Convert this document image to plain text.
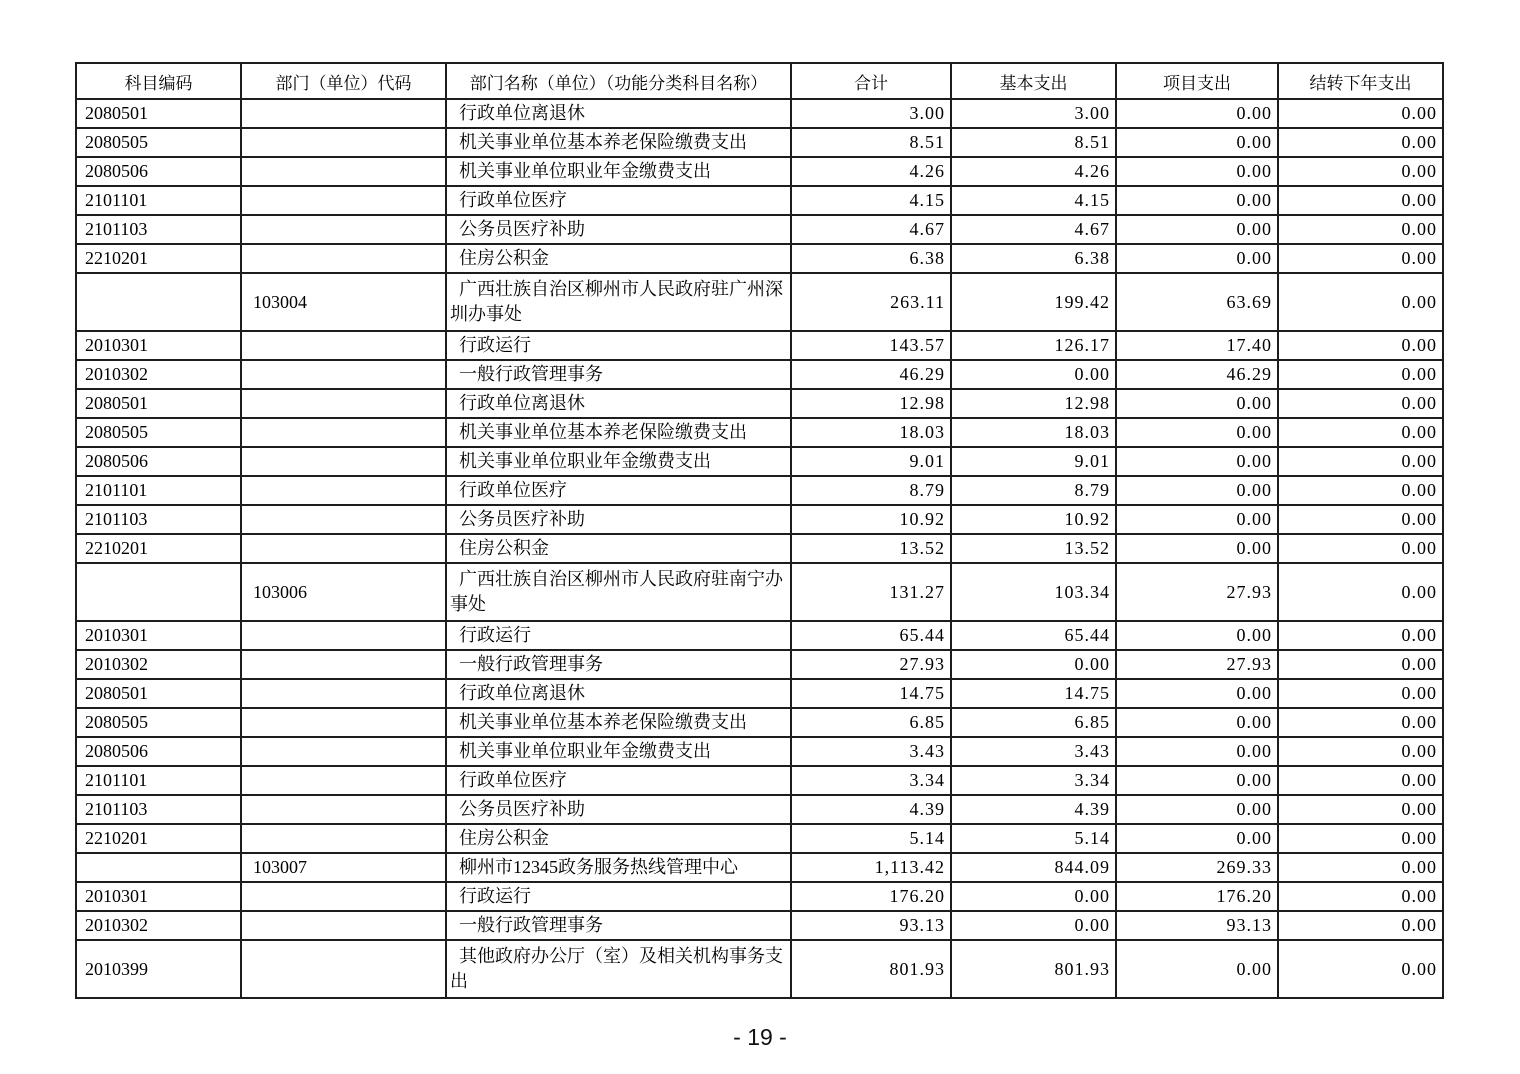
科目编码	部门（单位）代码	部门名称（单位）（功能分类科目名称）	合计	基本支出	项目支出	结转下年支出
2080501		行政单位离退休	3.00	3.00	0.00	0.00
2080505		机关事业单位基本养老保险缴费支出	8.51	8.51	0.00	0.00
2080506		机关事业单位职业年金缴费支出	4.26	4.26	0.00	0.00
2101101		行政单位医疗	4.15	4.15	0.00	0.00
2101103		公务员医疗补助	4.67	4.67	0.00	0.00
2210201		住房公积金	6.38	6.38	0.00	0.00
	103004	广西壮族自治区柳州市人民政府驻广州深圳办事处	263.11	199.42	63.69	0.00
2010301		行政运行	143.57	126.17	17.40	0.00
2010302		一般行政管理事务	46.29	0.00	46.29	0.00
2080501		行政单位离退休	12.98	12.98	0.00	0.00
2080505		机关事业单位基本养老保险缴费支出	18.03	18.03	0.00	0.00
2080506		机关事业单位职业年金缴费支出	9.01	9.01	0.00	0.00
2101101		行政单位医疗	8.79	8.79	0.00	0.00
2101103		公务员医疗补助	10.92	10.92	0.00	0.00
2210201		住房公积金	13.52	13.52	0.00	0.00
	103006	广西壮族自治区柳州市人民政府驻南宁办事处	131.27	103.34	27.93	0.00
2010301		行政运行	65.44	65.44	0.00	0.00
2010302		一般行政管理事务	27.93	0.00	27.93	0.00
2080501		行政单位离退休	14.75	14.75	0.00	0.00
2080505		机关事业单位基本养老保险缴费支出	6.85	6.85	0.00	0.00
2080506		机关事业单位职业年金缴费支出	3.43	3.43	0.00	0.00
2101101		行政单位医疗	3.34	3.34	0.00	0.00
2101103		公务员医疗补助	4.39	4.39	0.00	0.00
2210201		住房公积金	5.14	5.14	0.00	0.00
	103007	柳州市12345政务服务热线管理中心	1,113.42	844.09	269.33	0.00
2010301		行政运行	176.20	0.00	176.20	0.00
2010302		一般行政管理事务	93.13	0.00	93.13	0.00
2010399		其他政府办公厅（室）及相关机构事务支出	801.93	801.93	0.00	0.00
- 19 -
